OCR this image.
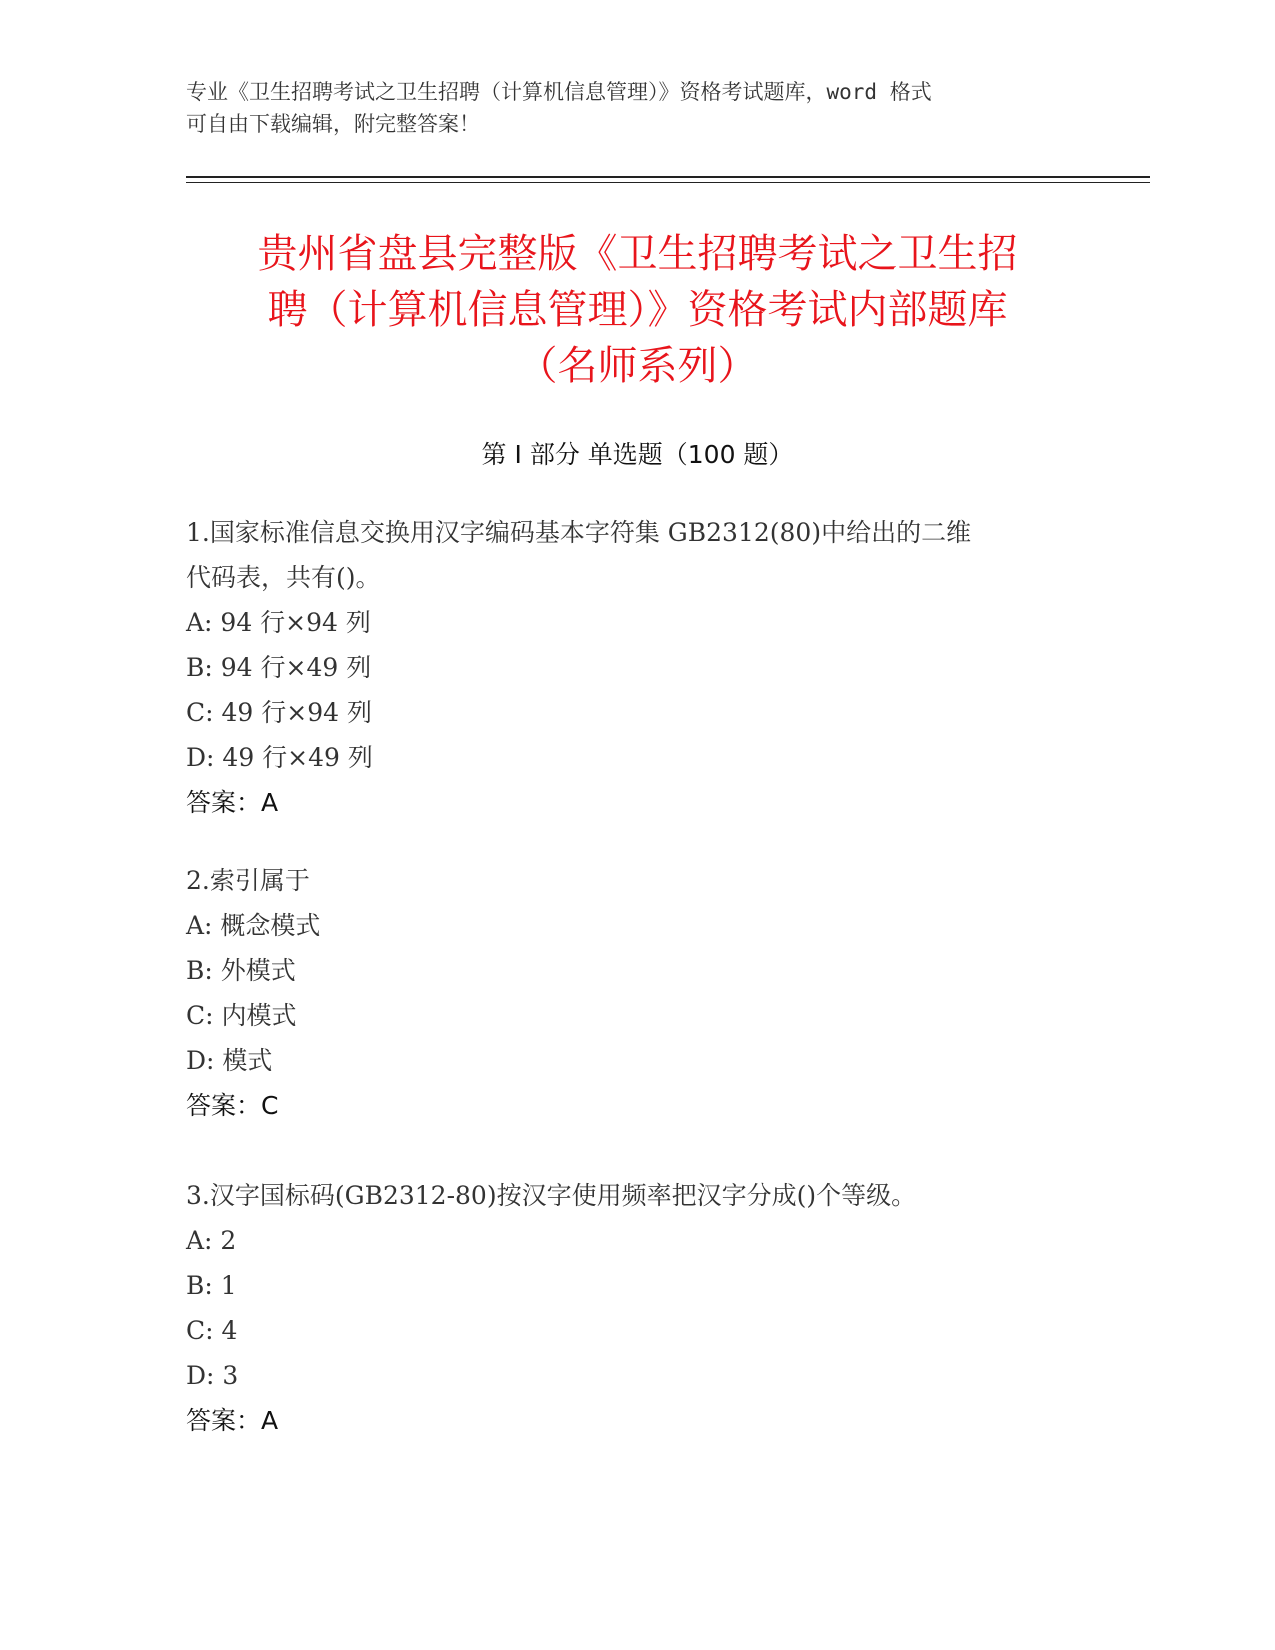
专业《卫生招聘考试之卫生招聘（计算机信息管理）》资格考试题库，word 格式
可自由下载编辑，附完整答案！
贵州省盘县完整版《卫生招聘考试之卫生招
聘（计算机信息管理）》资格考试内部题库
（名师系列）
第 I 部分 单选题（100 题）
1.国家标准信息交换用汉字编码基本字符集 GB2312(80)中给出的二维
代码表，共有()。
A: 94 行×94 列
B: 94 行×49 列
C: 49 行×94 列
D: 49 行×49 列
答案：A
2.索引属于
A: 概念模式
B: 外模式
C: 内模式
D: 模式
答案：C
3.汉字国标码(GB2312-80)按汉字使用频率把汉字分成()个等级。
A: 2
B: 1
C: 4
D: 3
答案：A
